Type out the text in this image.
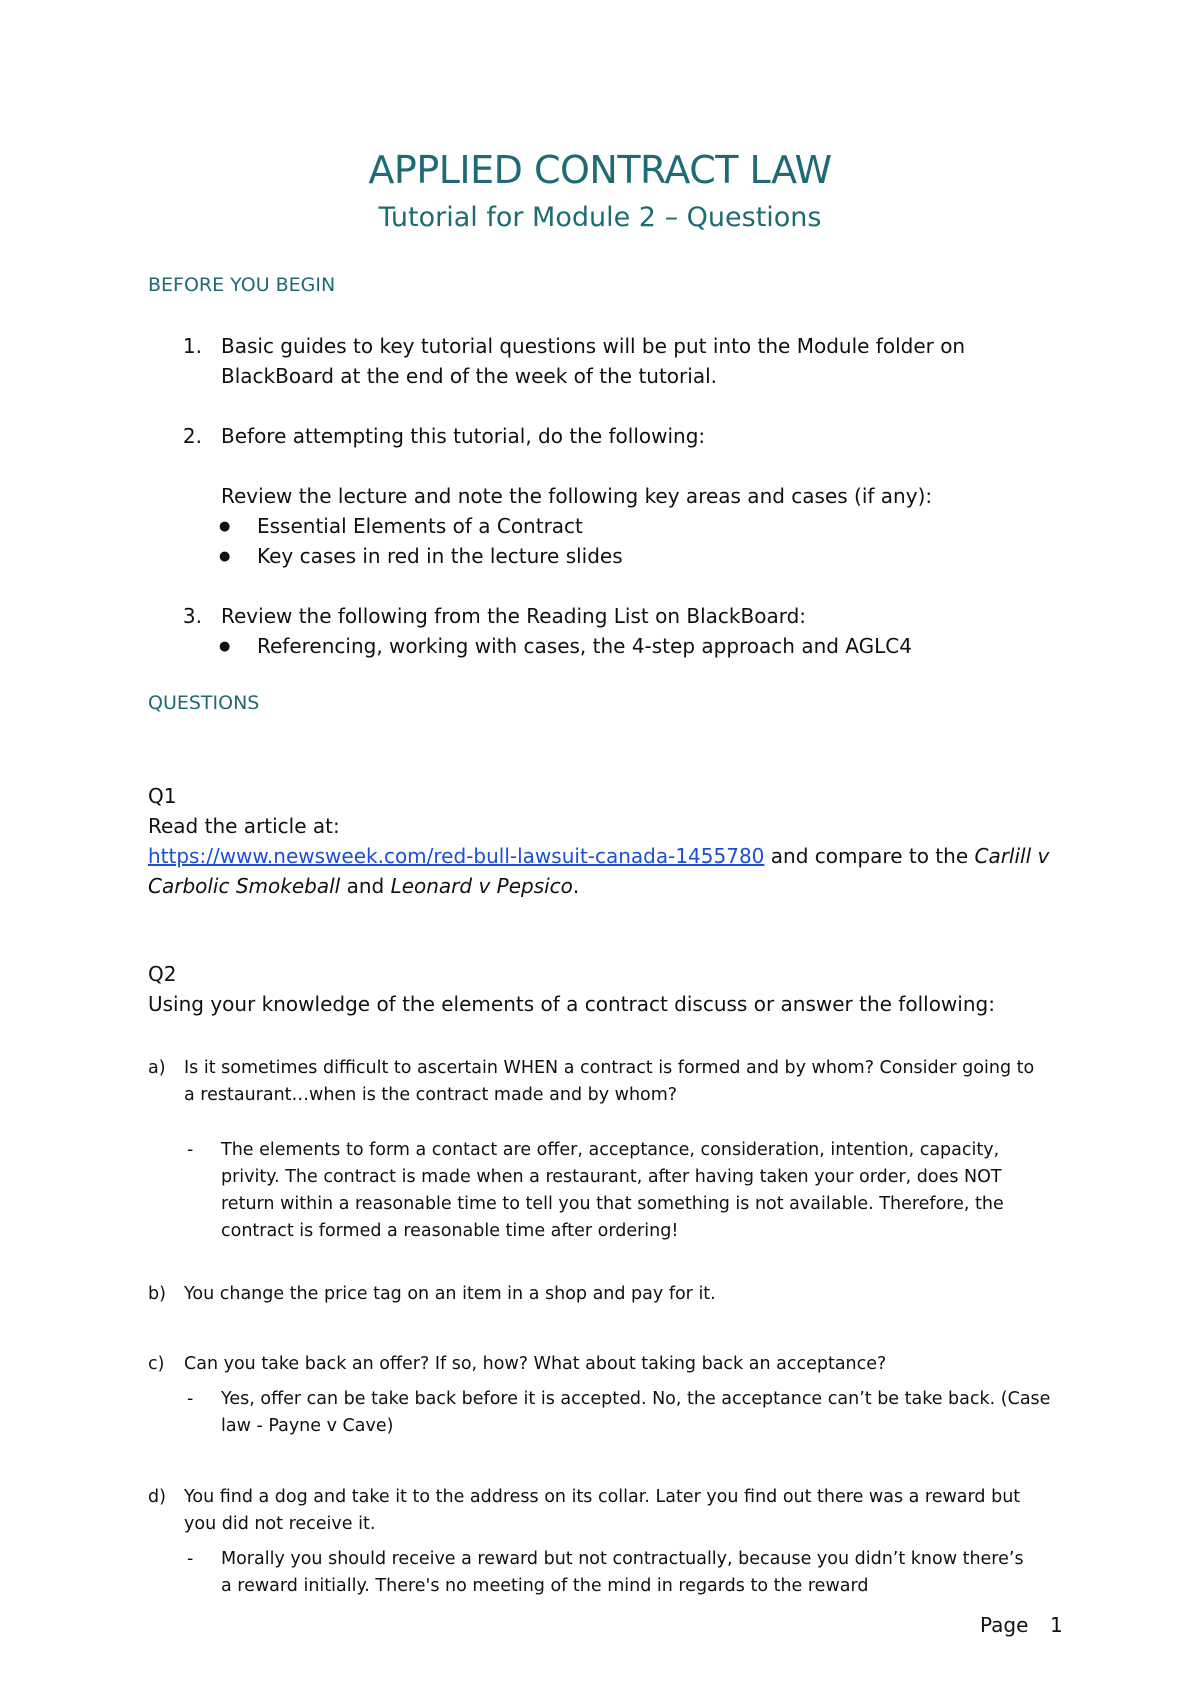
APPLIED CONTRACT LAW
Tutorial for Module 2 – Questions
BEFORE YOU BEGIN
1. Basic guides to key tutorial questions will be put into the Module folder on
BlackBoard at the end of the week of the tutorial.
2. Before attempting this tutorial, do the following:
Review the lecture and note the following key areas and cases (if any):
● Essential Elements of a Contract
● Key cases in red in the lecture slides
3. Review the following from the Reading List on BlackBoard:
● Referencing, working with cases, the 4-step approach and AGLC4
QUESTIONS
Q1
Read the article at:
https://www.newsweek.com/red-bull-lawsuit-canada-1455780 and compare to the Carlill v
Carbolic Smokeball and Leonard v Pepsico.
Q2
Using your knowledge of the elements of a contract discuss or answer the following:
a) Is it sometimes difficult to ascertain WHEN a contract is formed and by whom? Consider going to
a restaurant…when is the contract made and by whom?
- The elements to form a contact are offer, acceptance, consideration, intention, capacity,
privity. The contract is made when a restaurant, after having taken your order, does NOT
return within a reasonable time to tell you that something is not available. Therefore, the
contract is formed a reasonable time after ordering!
b) You change the price tag on an item in a shop and pay for it.
c) Can you take back an offer? If so, how? What about taking back an acceptance?
- Yes, offer can be take back before it is accepted. No, the acceptance can’t be take back. (Case
law - Payne v Cave)
d) You find a dog and take it to the address on its collar. Later you find out there was a reward but
you did not receive it.
- Morally you should receive a reward but not contractually, because you didn’t know there’s
a reward initially. There's no meeting of the mind in regards to the reward
Page 1
